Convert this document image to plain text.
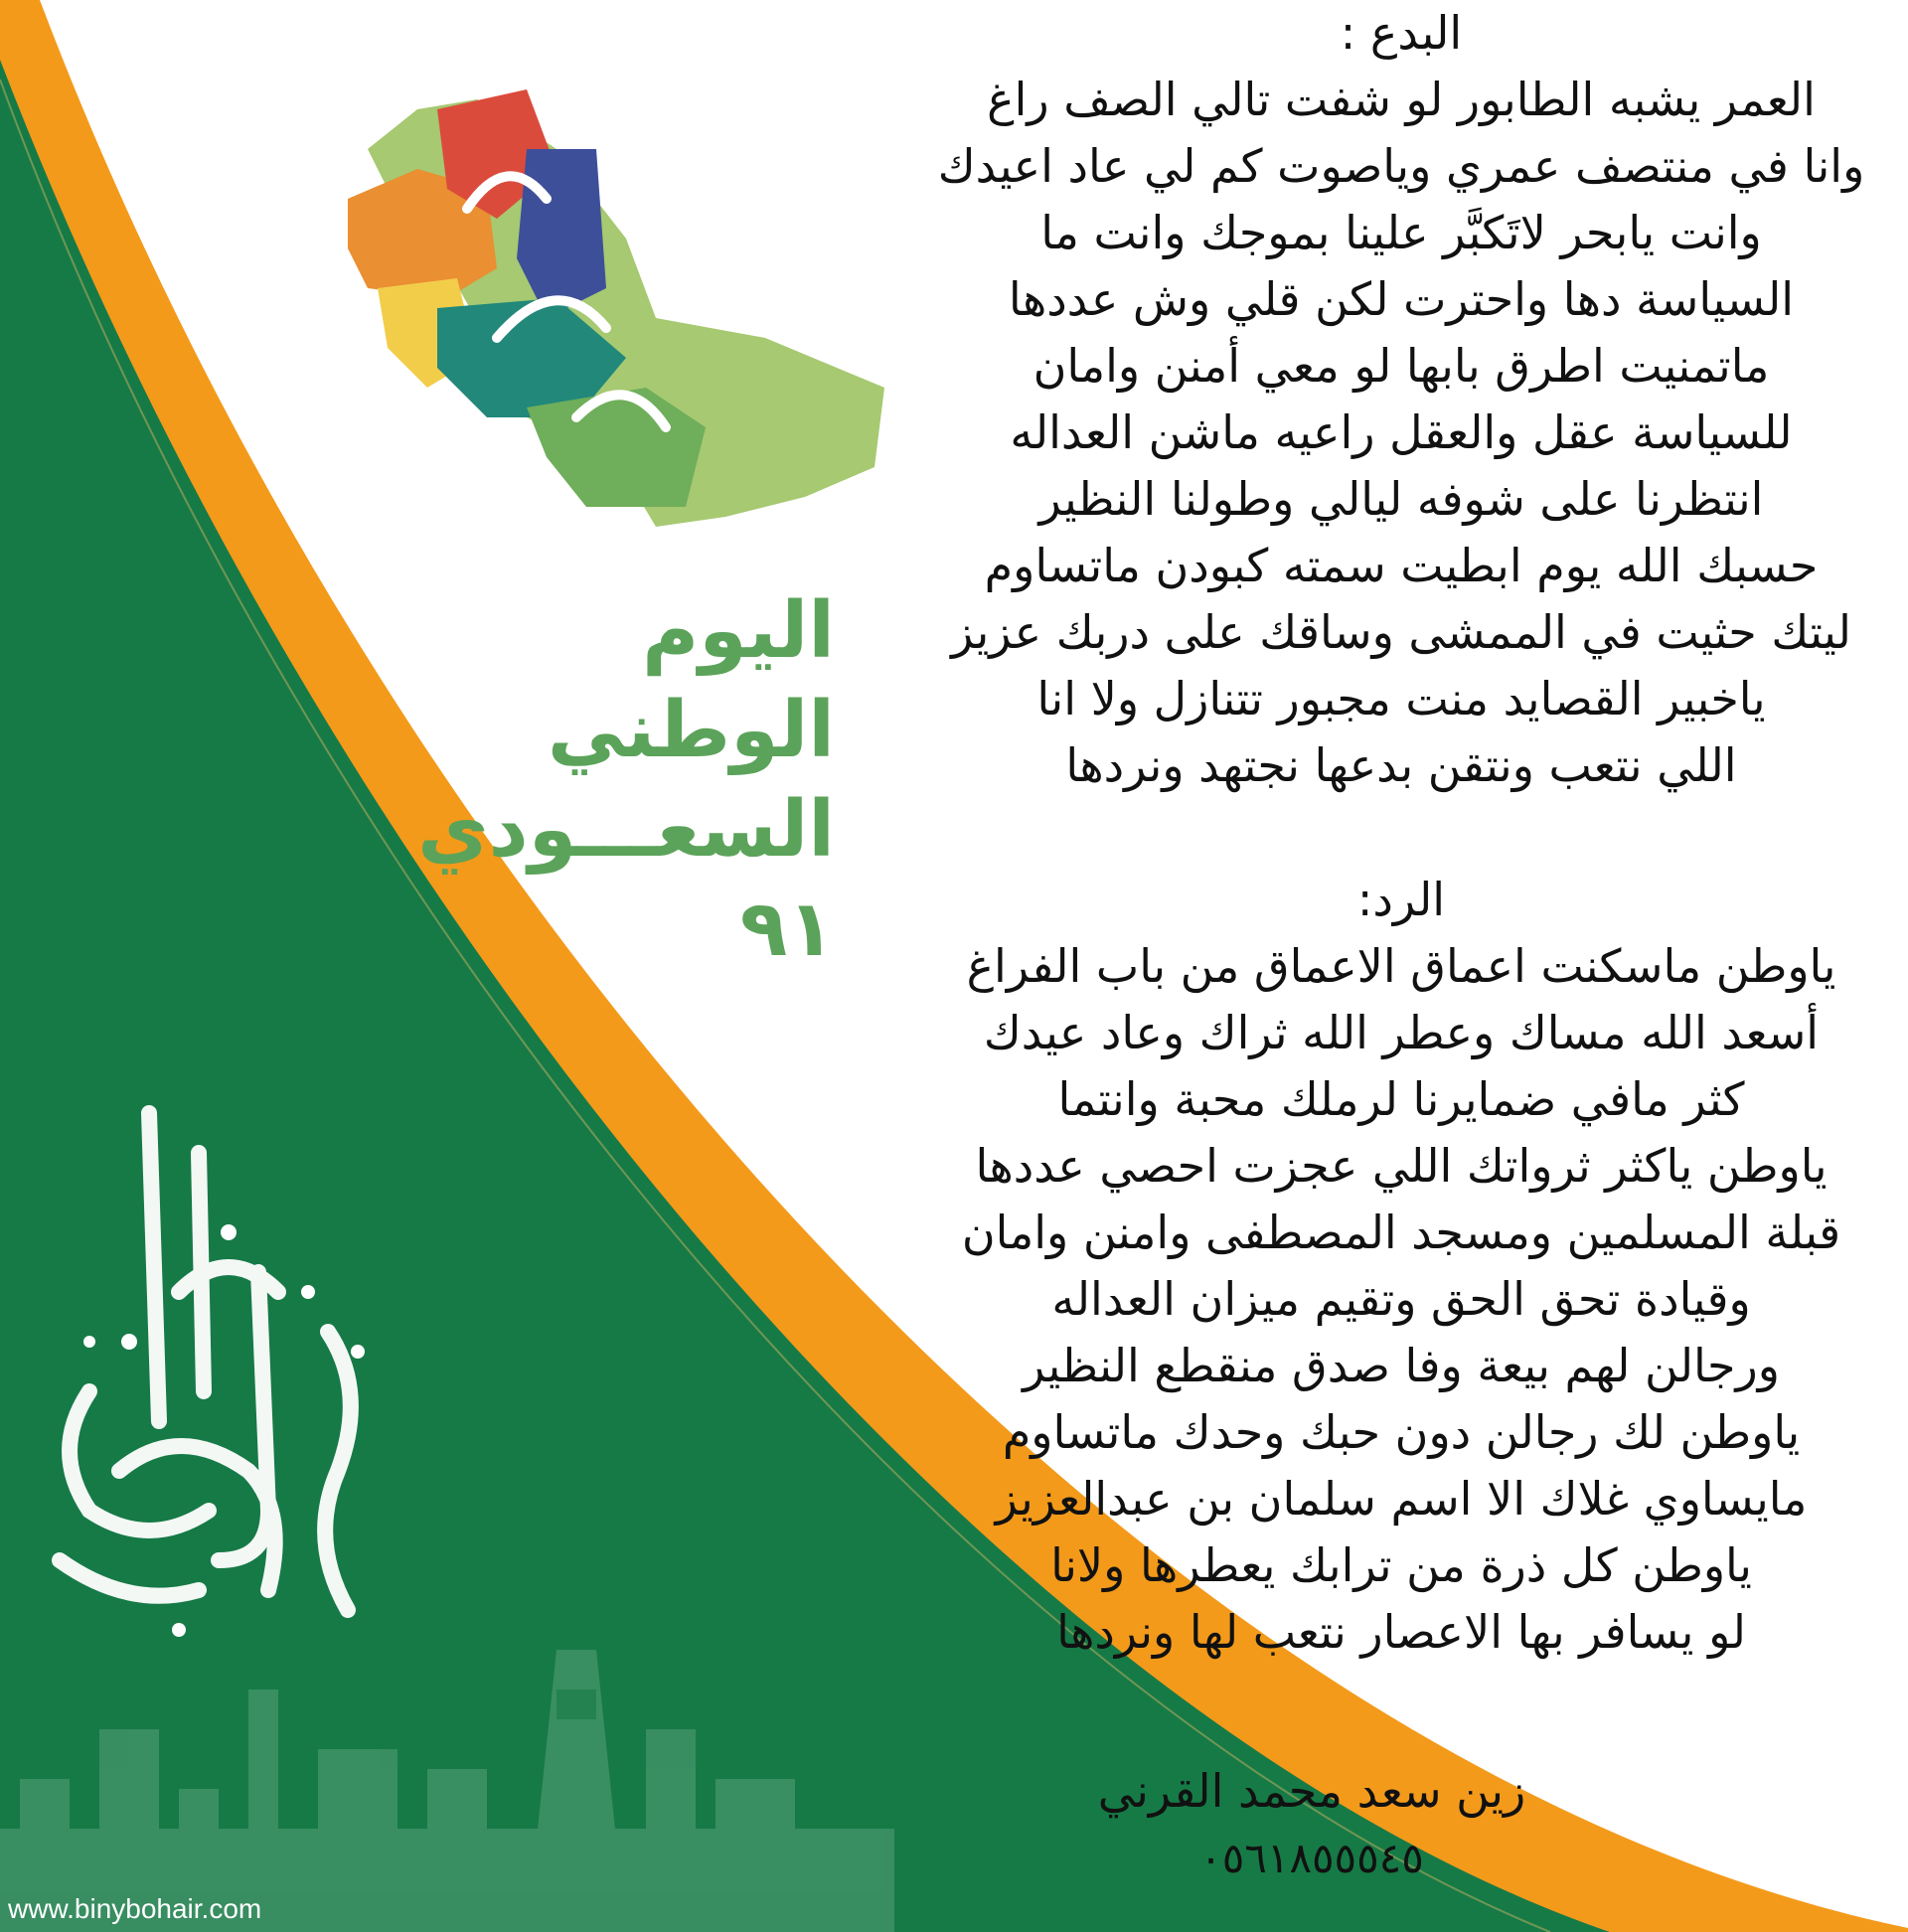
اليوم الوطني
السعـــودي ٩١
البدع :
العمر يشبه الطابور لو شفت تالي الصف راغ
وانا في منتصف عمري وياصوت كم لي عاد اعيدك
وانت يابحر لاتَكبَّر علينا بموجك وانت ما
السياسة دها واحترت لكن قلي وش عددها
ماتمنيت اطرق بابها لو معي أمنن وامان
للسياسة عقل والعقل راعيه ماشن العداله
انتظرنا على شوفه ليالي وطولنا النظير
حسبك الله يوم ابطيت سمته كبودن ماتساوم
ليتك حثيت في الممشى وساقك على دربك عزيز
ياخبير القصايد منت مجبور تتنازل ولا انا
اللي نتعب ونتقن بدعها نجتهد ونردها
الرد:
ياوطن ماسكنت اعماق الاعماق من باب الفراغ
أسعد الله مساك وعطر الله ثراك وعاد عيدك
كثر مافي ضمايرنا لرملك محبة وانتما
ياوطن ياكثر ثرواتك اللي عجزت احصي عددها
قبلة المسلمين ومسجد المصطفى وامنن وامان
وقيادة تحق الحق وتقيم ميزان العداله
ورجالن لهم بيعة وفا صدق منقطع النظير
ياوطن لك رجالن دون حبك وحدك ماتساوم
مايساوي غلاك الا اسم سلمان بن عبدالعزيز
ياوطن كل ذرة من ترابك يعطرها ولانا
لو يسافر بها الاعصار نتعب لها ونردها
زين سعد محمد القرني
٠٥٦١٨٥٥٥٤٥
www.binybohair.com
